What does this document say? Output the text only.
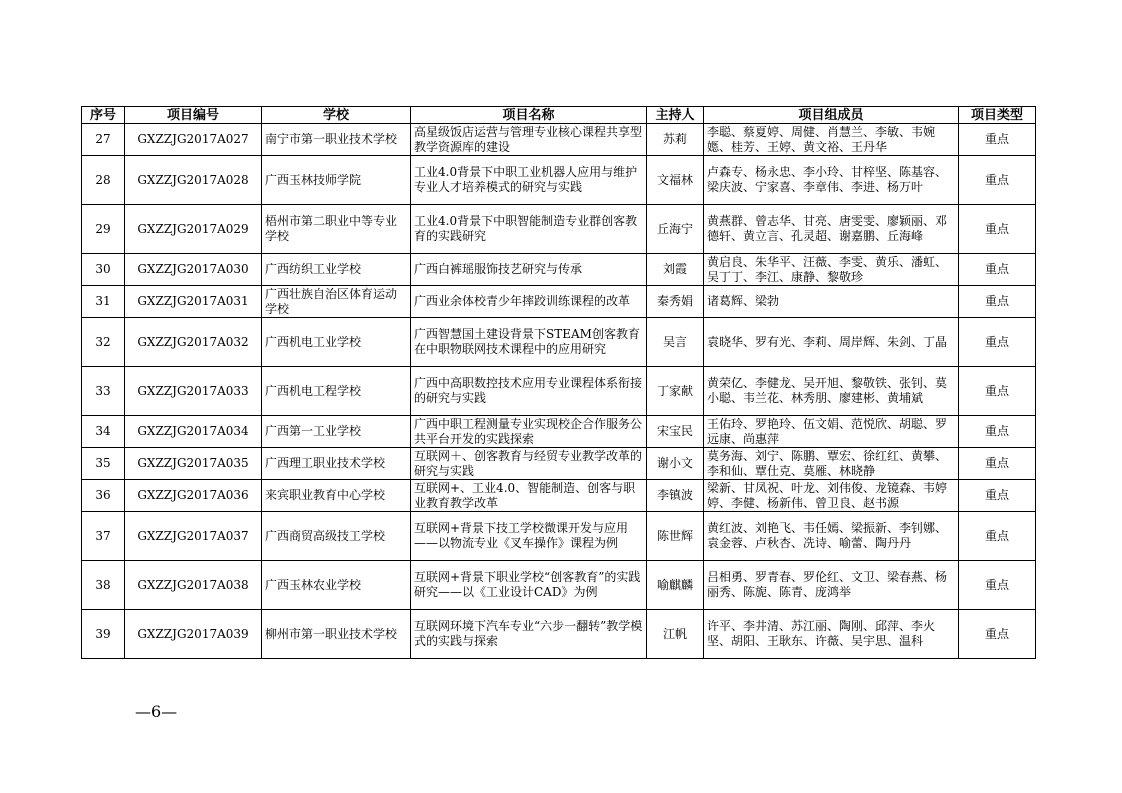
序号	项目编号	学校	项目名称	主持人	项目组成员	项目类型
27	GXZZJG2017A027	南宁市第一职业技术学校	高星级饭店运营与管理专业核心课程共享型教学资源库的建设	苏莉	李聪、蔡夏婷、周健、肖慧兰、李敏、韦婉嫕、桂芳、王婷、黄文裕、王丹华	重点
28	GXZZJG2017A028	广西玉林技师学院	工业4.0背景下中职工业机器人应用与维护专业人才培养模式的研究与实践	文福林	卢森专、杨永忠、李小玲、甘梓坚、陈基容、梁庆波、宁家喜、李章伟、李进、杨万叶	重点
29	GXZZJG2017A029	梧州市第二职业中等专业学校	工业4.0背景下中职智能制造专业群创客教育的实践研究	丘海宁	黄燕群、曾志华、甘亮、唐雯雯、廖颖丽、邓德轩、黄立言、孔灵超、谢嘉鹏、丘海峰	重点
30	GXZZJG2017A030	广西纺织工业学校	广西白裤瑶服饰技艺研究与传承	刘霞	黄启良、朱华平、汪薇、李雯、黄乐、潘虹、吴丁丁、李江、康静、黎敬珍	重点
31	GXZZJG2017A031	广西壮族自治区体育运动学校	广西业余体校青少年摔跤训练课程的改革	秦秀娟	诸葛辉、梁勃	重点
32	GXZZJG2017A032	广西机电工业学校	广西智慧国土建设背景下STEAM创客教育在中职物联网技术课程中的应用研究	吴言	袁晓华、罗有光、李莉、周岸辉、朱剑、丁晶	重点
33	GXZZJG2017A033	广西机电工程学校	广西中高职数控技术应用专业课程体系衔接的研究与实践	丁家献	黄荣亿、李健龙、吴开旭、黎敬铁、张钊、莫小聪、韦兰花、林秀朋、廖建彬、黄埔斌	重点
34	GXZZJG2017A034	广西第一工业学校	广西中职工程测量专业实现校企合作服务公共平台开发的实践探索	宋宝民	王佑玲、罗艳玲、伍文娟、范悦欣、胡聪、罗远康、尚惠萍	重点
35	GXZZJG2017A035	广西理工职业技术学校	互联网＋、创客教育与经贸专业教学改革的研究与实践	谢小文	莫务海、刘宁、陈鹏、覃宏、徐红红、黄攀、李和仙、覃仕克、莫雁、林晓静	重点
36	GXZZJG2017A036	来宾职业教育中心学校	互联网+、工业4.0、智能制造、创客与职业教育教学改革	李镇波	梁新、甘凤祝、叶龙、刘伟俊、龙镜森、韦婷婷、李健、杨新伟、曾卫良、赵书源	重点
37	GXZZJG2017A037	广西商贸高级技工学校	互联网+背景下技工学校微课开发与应用——以物流专业《叉车操作》课程为例	陈世辉	黄红波、刘艳飞、韦任嫣、梁振新、李钊娜、袁金蓉、卢秋杏、冼诗、喻蕾、陶丹丹	重点
38	GXZZJG2017A038	广西玉林农业学校	互联网+背景下职业学校“创客教育”的实践研究——以《工业设计CAD》为例	喻麒麟	吕相勇、罗青春、罗伦红、文卫、梁春燕、杨丽秀、陈旎、陈青、庞鸿举	重点
39	GXZZJG2017A039	柳州市第一职业技术学校	互联网环境下汽车专业“六步一翻转”教学模式的实践与探索	江帆	许平、李井清、苏江丽、陶刚、邱萍、李火坚、胡阳、王耿东、许薇、吴宇思、温科	重点
—6—
